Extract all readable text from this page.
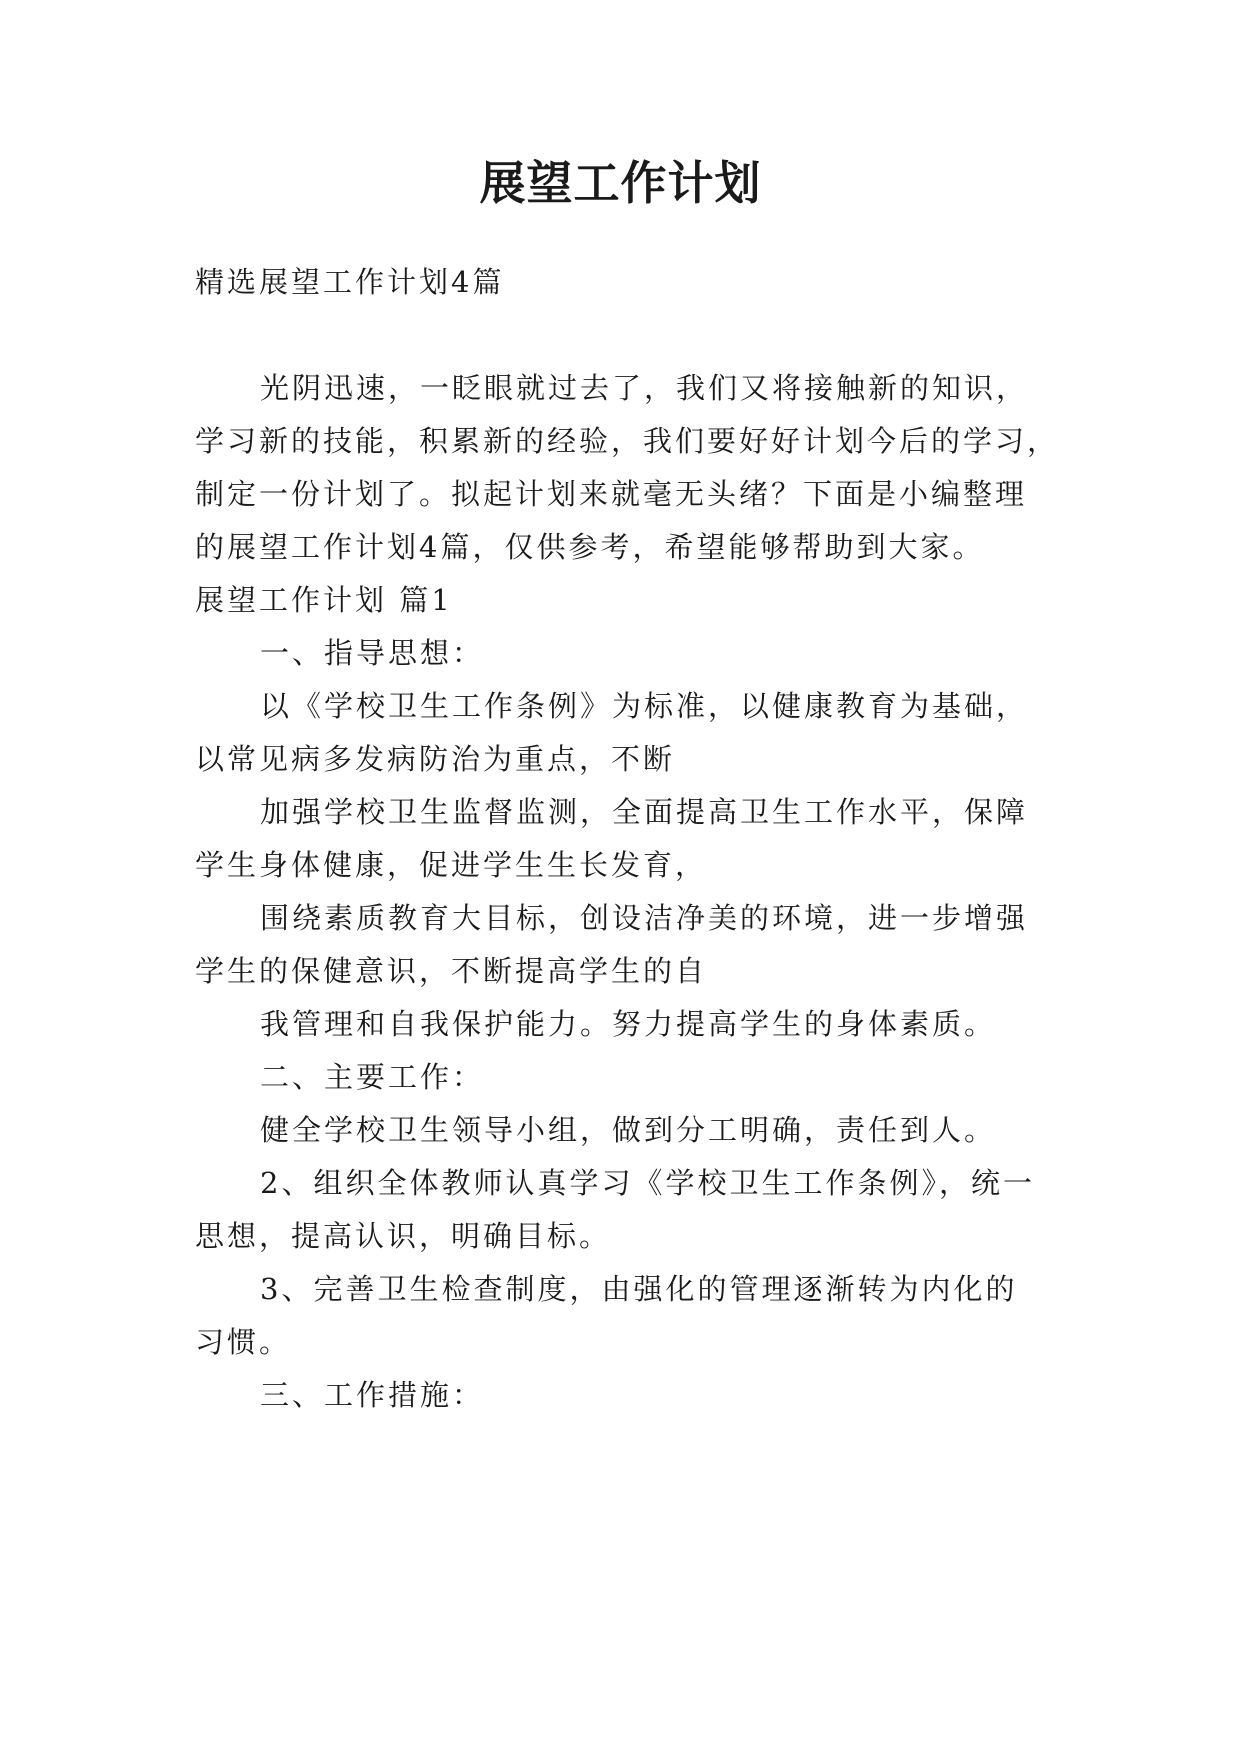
展望工作计划
精选展望工作计划4篇
光阴迅速，一眨眼就过去了，我们又将接触新的知识，
学习新的技能，积累新的经验，我们要好好计划今后的学习，
制定一份计划了。拟起计划来就毫无头绪？下面是小编整理
的展望工作计划4篇，仅供参考，希望能够帮助到大家。
展望工作计划 篇1
一、指导思想：
以《学校卫生工作条例》为标准，以健康教育为基础，
以常见病多发病防治为重点，不断
加强学校卫生监督监测，全面提高卫生工作水平，保障
学生身体健康，促进学生生长发育，
围绕素质教育大目标，创设洁净美的环境，进一步增强
学生的保健意识，不断提高学生的自
我管理和自我保护能力。努力提高学生的身体素质。
二、主要工作：
健全学校卫生领导小组，做到分工明确，责任到人。
2、组织全体教师认真学习《学校卫生工作条例》，统一
思想，提高认识，明确目标。
3、完善卫生检查制度，由强化的管理逐渐转为内化的
习惯。
三、工作措施：
